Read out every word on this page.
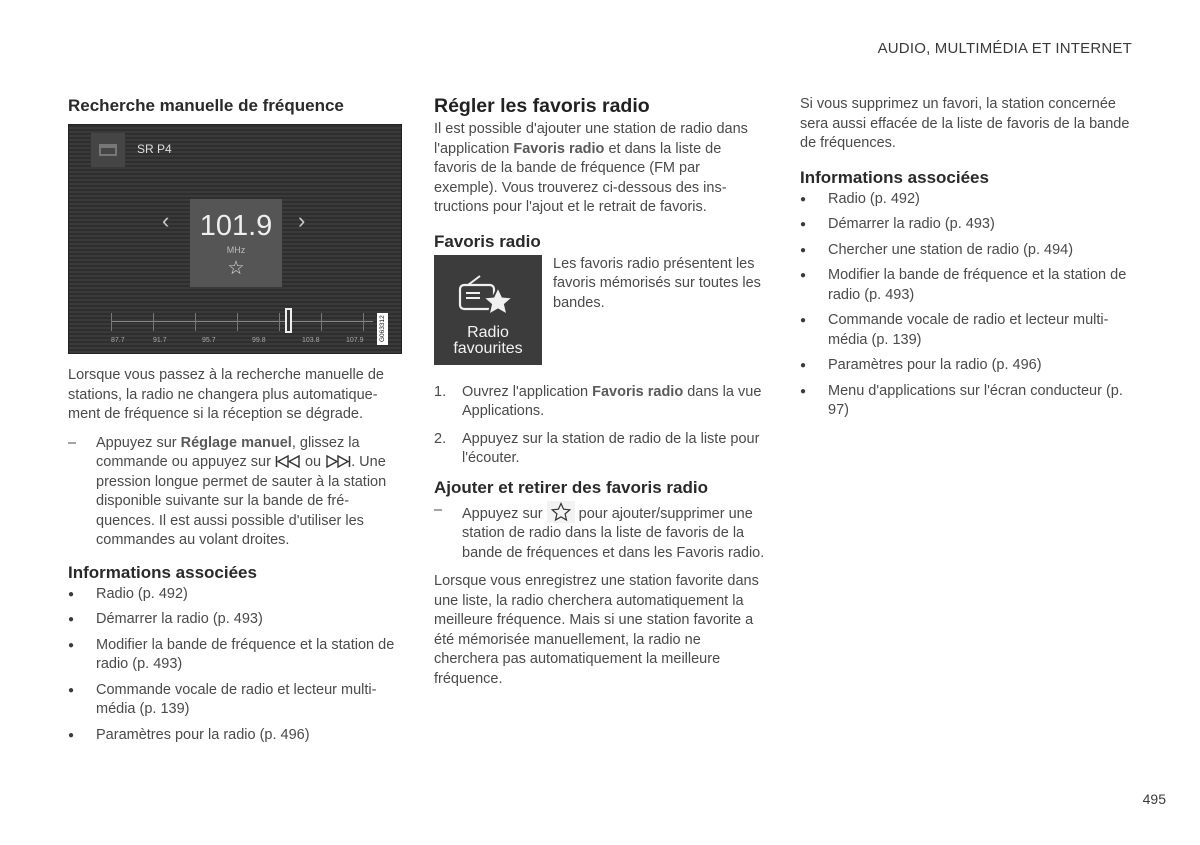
AUDIO, MULTIMÉDIA ET INTERNET
Recherche manuelle de fréquence
SR P4
‹	›
101.9
MHz
☆
87.7	91.7	95.7	99.8	103.8	107.9	G063312

Lorsque vous passez à la recherche manuelle de stations, la radio ne changera plus automatiquement de fréquence si la réception se dégrade.

– Appuyez sur Réglage manuel, glissez la commande ou appuyez sur  ou . Une pression longue permet de sauter à la station disponible suivante sur la bande de fréquences. Il est aussi possible d'utiliser les commandes au volant droites.
Informations associées
● Radio (p. 492)
● Démarrer la radio (p. 493)
● Modifier la bande de fréquence et la station de radio (p. 493)
● Commande vocale de radio et lecteur multimédia (p. 139)
● Paramètres pour la radio (p. 496)
Régler les favoris radio

Il est possible d'ajouter une station de radio dans l'application Favoris radio et dans la liste de favoris de la bande de fréquence (FM par exemple). Vous trouverez ci-dessous des instructions pour l'ajout et le retrait de favoris.

Favoris radio
Radio favourites

Les favoris radio présentent les favoris mémorisés sur toutes les bandes.

1. Ouvrez l'application Favoris radio dans la vue Applications.
2. Appuyez sur la station de radio de la liste pour l'écouter.
Ajouter et retirer des favoris radio
– Appuyez sur  pour ajouter/supprimer une station de radio dans la liste de favoris de la bande de fréquences et dans les Favoris radio.

Lorsque vous enregistrez une station favorite dans une liste, la radio cherchera automatiquement la meilleure fréquence. Mais si une station favorite a été mémorisée manuellement, la radio ne cherchera pas automatiquement la meilleure fréquence.

Si vous supprimez un favori, la station concernée sera aussi effacée de la liste de favoris de la bande de fréquences.

Informations associées
● Radio (p. 492)
● Démarrer la radio (p. 493)
● Chercher une station de radio (p. 494)
● Modifier la bande de fréquence et la station de radio (p. 493)
● Commande vocale de radio et lecteur multimédia (p. 139)
● Paramètres pour la radio (p. 496)
● Menu d'applications sur l'écran conducteur (p. 97)
495
